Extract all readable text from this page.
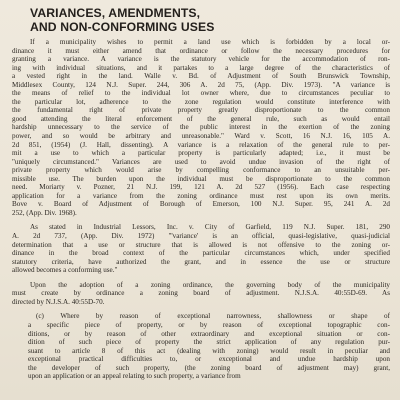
VARIANCES, AMENDMENTS,
AND NON-CONFORMING USES

If a municipality wishes to permit a land use which is forbidden by a local or-
dinance it must either amend that ordinance or follow the necessary procedures for
granting a variance. A variance is the statutory vehicle for the accommodation of ron-
ing with individual situations, and it partakes to a large degree of the characteristics of
a vested right in the land. Walle v. Bd. of Adjustment of South Brunswick Township,
Middlesex County, 124 N.J. Super. 244, 306 A. 2d 75, (App. Div. 1973). "A variance is
the means of relief to the individual lot owner where, due to circumstances peculiar to
the particular lot, adherence to the zone regulation would constitute interference with
the fundamental right of private property greatly disproportionate to the common
good attending the literal enforcement of the general rule, such as would entail
hardship unnecessary to the service of the public interest in the exertion of the zoning
power, and so would be arbitrary and unreasonable." Ward v. Scott, 16 N.J. 16, 105 A.
2d 851, (1954) (J. Hall, dissenting). A variance is a relaxation of the general rule to per-
mit a use to which a particular property is particularly adapted; i.e., it must be
"uniquely circumstanced." Variances are used to avoid undue invasion of the right of
private property which would arise by compelling conformance to an unsuitable per-
missible use. The burden upon the individual must be disproportionate to the common
need. Moriarty v. Pozner, 21 N.J. 199, 121 A. 2d 527 (1956). Each case respecting
application for a variance from the zoning ordinance must rest upon its own merits.
Bove v. Board of Adjustment of Borough of Emerson, 100 N.J. Super. 95, 241 A. 2d
252, (App. Div. 1968).

As stated in Industrial Lessors, Inc. v. City of Garfield, 119 N.J. Super. 181, 290
A. 2d 737, (App. Div. 1972) "'variance' is an official, quasi-legislative, quasi-judicial
determination that a use or structure that is allowed is not offensive to the zoning or-
dinance in the broad context of the particular circumstances which, under specified
statutory criteria, have authorized the grant, and in essence the use or structure
allowed becomes a conforming use."

Upon the adoption of a zoning ordinance, the governing body of the municipality
must create by ordinance a zoning board of adjustment. N.J.S.A. 40:55D-69. As
directed by N.J.S.A. 40:55D-70.

(c) Where by reason of exceptional narrowness, shallowness or shape of
a specific piece of property, or by reason of exceptional topographic con-
ditions, or by reason of other extraordinary and exceptional situation or con-
dition of such piece of property the strict application of any regulation pur-
suant to article 8 of this act (dealing with zoning) would result in peculiar and
exceptional practical difficulties to, or exceptional and undue hardship upon
the developer of such property, (the zoning board of adjustment may) grant,
upon an application or an appeal relating to such property, a variance from
